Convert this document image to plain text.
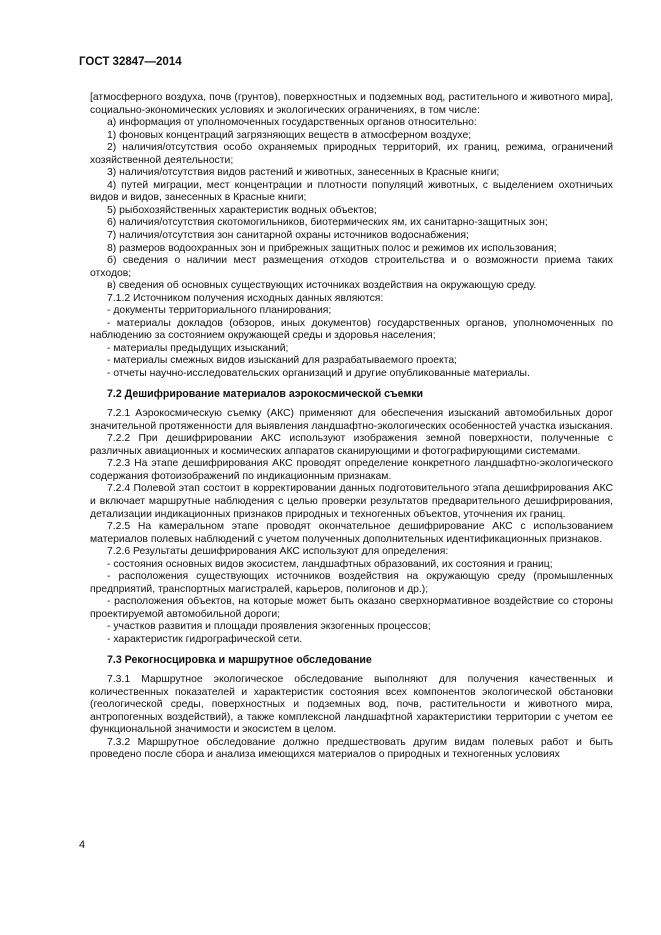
ГОСТ 32847—2014

[атмосферного воздуха, почв (грунтов), поверхностных и подземных вод, растительного и животного мира], социально-экономических условиях и экологических ограничениях, в том числе:

а) информация от уполномоченных государственных органов относительно:

1) фоновых концентраций загрязняющих веществ в атмосферном воздухе;

2) наличия/отсутствия особо охраняемых природных территорий, их границ, режима, ограничений хозяйственной деятельности;

3) наличия/отсутствия видов растений и животных, занесенных в Красные книги;

4) путей миграции, мест концентрации и плотности популяций животных, с выделением охотничьих видов и видов, занесенных в Красные книги;

5) рыбохозяйственных характеристик водных объектов;

6) наличия/отсутствия скотомогильников, биотермических ям, их санитарно-защитных зон;

7) наличия/отсутствия зон санитарной охраны источников водоснабжения;

8) размеров водоохранных зон и прибрежных защитных полос и режимов их использования;

б) сведения о наличии мест размещения отходов строительства и о возможности приема таких отходов;

в) сведения об основных существующих источниках воздействия на окружающую среду.

7.1.2 Источником получения исходных данных являются:

- документы территориального планирования;

- материалы докладов (обзоров, иных документов) государственных органов, уполномоченных по наблюдению за состоянием окружающей среды и здоровья населения;

- материалы предыдущих изысканий;

- материалы смежных видов изысканий для разрабатываемого проекта;

- отчеты научно-исследовательских организаций и другие опубликованные материалы.

7.2 Дешифрирование материалов аэрокосмической съемки

7.2.1 Аэрокосмическую съемку (АКС) применяют для обеспечения изысканий автомобильных дорог значительной протяженности для выявления ландшафтно-экологических особенностей участка изыскания.

7.2.2 При дешифрировании АКС используют изображения земной поверхности, полученные с различных авиационных и космических аппаратов сканирующими и фотографирующими системами.

7.2.3 На этапе дешифрирования АКС проводят определение конкретного ландшафтно-экологического содержания фотоизображений по индикационным признакам.

7.2.4 Полевой этап состоит в корректировании данных подготовительного этапа дешифрирования АКС и включает маршрутные наблюдения с целью проверки результатов предварительного дешифрирования, детализации индикационных признаков природных и техногенных объектов, уточнения их границ.

7.2.5 На камеральном этапе проводят окончательное дешифрирование АКС с использованием материалов полевых наблюдений с учетом полученных дополнительных идентификационных признаков.

7.2.6 Результаты дешифрирования АКС используют для определения:

- состояния основных видов экосистем, ландшафтных образований, их состояния и границ;

- расположения существующих источников воздействия на окружающую среду (промышленных предприятий, транспортных магистралей, карьеров, полигонов и др.);

- расположения объектов, на которые может быть оказано сверхнормативное воздействие со стороны проектируемой автомобильной дороги;

- участков развития и площади проявления экзогенных процессов;

- характеристик гидрографической сети.

7.3 Рекогносцировка и маршрутное обследование

7.3.1 Маршрутное экологическое обследование выполняют для получения качественных и количественных показателей и характеристик состояния всех компонентов экологической обстановки (геологической среды, поверхностных и подземных вод, почв, растительности и животного мира, антропогенных воздействий), а также комплексной ландшафтной характеристики территории с учетом ее функциональной значимости и экосистем в целом.

7.3.2 Маршрутное обследование должно предшествовать другим видам полевых работ и быть проведено после сбора и анализа имеющихся материалов о природных и техногенных условиях

4
